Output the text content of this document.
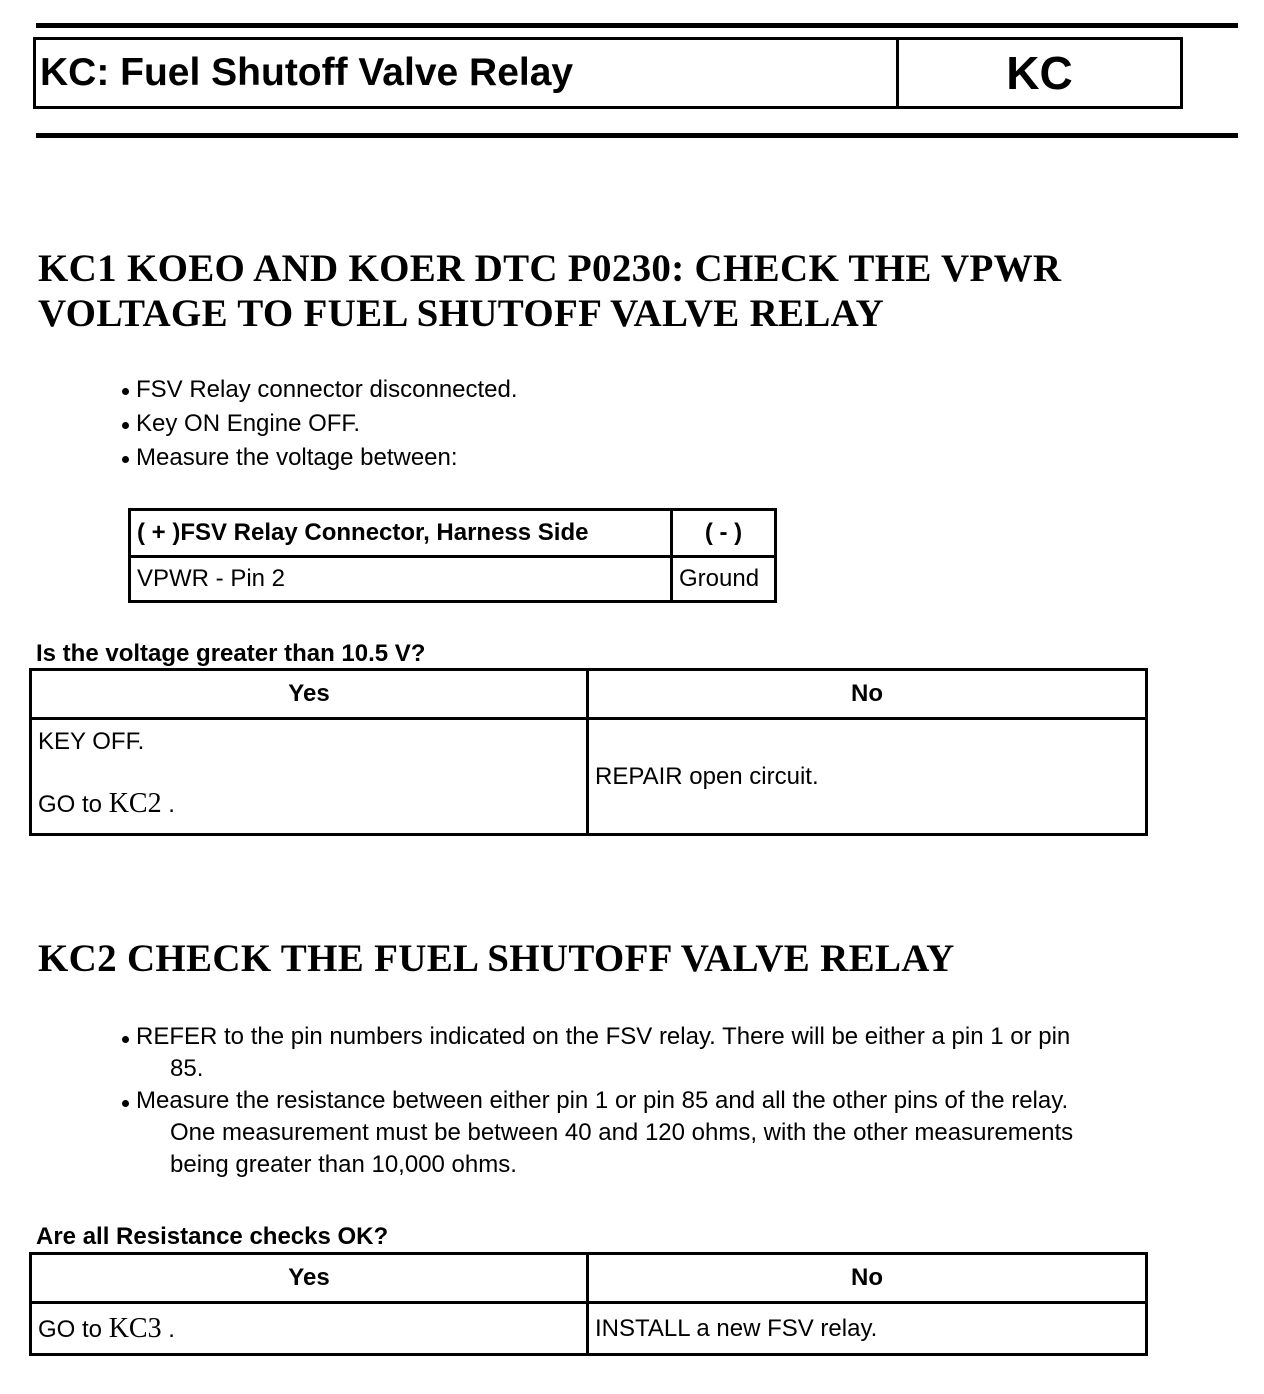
KC: Fuel Shutoff Valve Relay	KC
KC1 KOEO AND KOER DTC P0230: CHECK THE VPWR
VOLTAGE TO FUEL SHUTOFF VALVE RELAY
FSV Relay connector disconnected.
Key ON Engine OFF.
Measure the voltage between:
( + )FSV Relay Connector, Harness Side	( - )
VPWR - Pin 2	Ground
Is the voltage greater than 10.5 V?
Yes	No

KEY OFF.
GO to KC2 .	REPAIR open circuit.
KC2 CHECK THE FUEL SHUTOFF VALVE RELAY
REFER to the pin numbers indicated on the FSV relay. There will be either a pin 1 or pin
85.
Measure the resistance between either pin 1 or pin 85 and all the other pins of the relay.
One measurement must be between 40 and 120 ohms, with the other measurements
being greater than 10,000 ohms.
Are all Resistance checks OK?
Yes	No
GO to KC3 .	INSTALL a new FSV relay.
